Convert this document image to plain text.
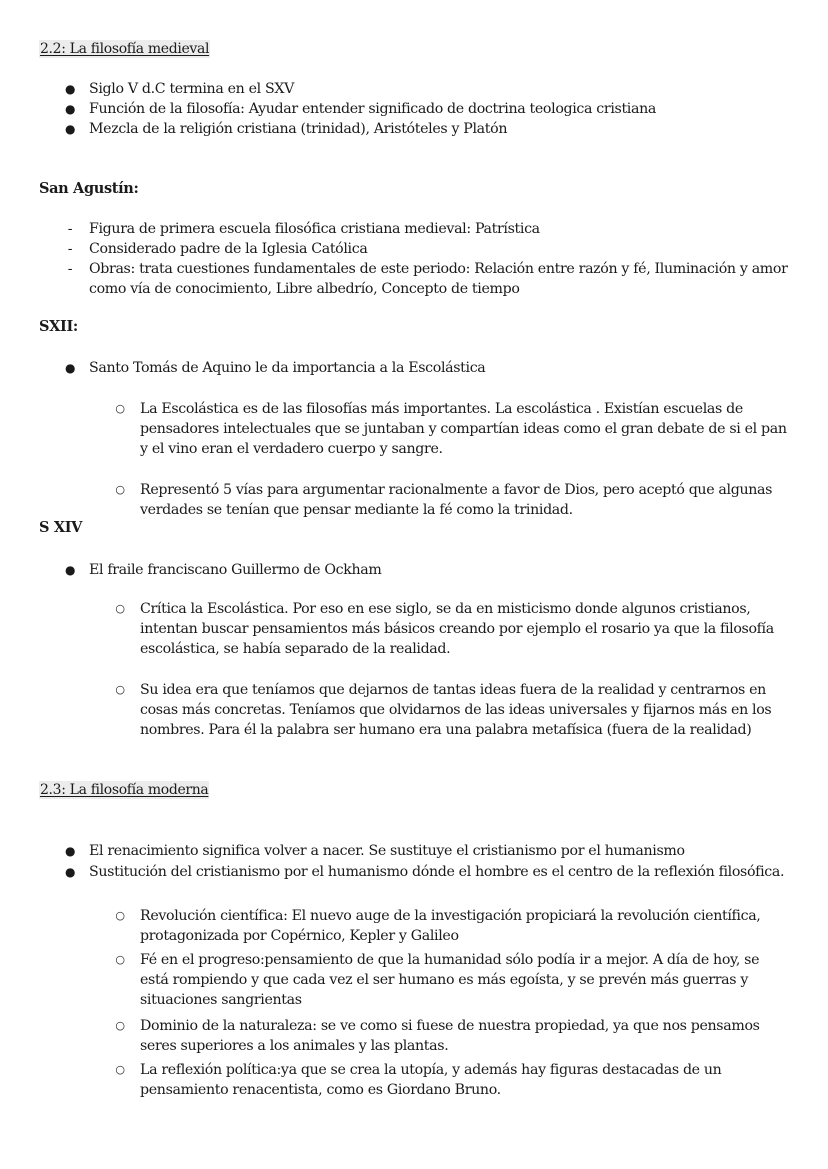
2.2: La filosofía medieval
● Siglo V d.C termina en el SXV
● Función de la filosofía: Ayudar entender significado de doctrina teologica cristiana
● Mezcla de la religión cristiana (trinidad), Aristóteles y Platón
San Agustín:
-	Figura de primera escuela filosófica cristiana medieval: Patrística
-	Considerado padre de la Iglesia Católica
-	Obras: trata cuestiones fundamentales de este periodo: Relación entre razón y fé, Iluminación y amor como vía de conocimiento, Libre albedrío, Concepto de tiempo
SXII:
● Santo Tomás de Aquino le da importancia a la Escolástica
○ La Escolástica es de las filosofías más importantes. La escolástica . Existían escuelas de pensadores intelectuales que se juntaban y compartían ideas como el gran debate de si el pan y el vino eran el verdadero cuerpo y sangre.
○ Representó 5 vías para argumentar racionalmente a favor de Dios, pero aceptó que algunas verdades se tenían que pensar mediante la fé como la trinidad.
S XIV
● El fraile franciscano Guillermo de Ockham
○ Crítica la Escolástica. Por eso en ese siglo, se da en misticismo donde algunos cristianos, intentan buscar pensamientos más básicos creando por ejemplo el rosario ya que la filosofía escolástica, se había separado de la realidad.
○ Su idea era que teníamos que dejarnos de tantas ideas fuera de la realidad y centrarnos en cosas más concretas. Teníamos que olvidarnos de las ideas universales y fijarnos más en los nombres. Para él la palabra ser humano era una palabra metafísica (fuera de la realidad)
2.3: La filosofía moderna
● El renacimiento significa volver a nacer. Se sustituye el cristianismo por el humanismo
● Sustitución del cristianismo por el humanismo dónde el hombre es el centro de la reflexión filosófica.
○ Revolución científica: El nuevo auge de la investigación propiciará la revolución científica, protagonizada por Copérnico, Kepler y Galileo
○ Fé en el progreso:pensamiento de que la humanidad sólo podía ir a mejor. A día de hoy, se está rompiendo y que cada vez el ser humano es más egoísta, y se prevén más guerras y situaciones sangrientas
○ Dominio de la naturaleza: se ve como si fuese de nuestra propiedad, ya que nos pensamos seres superiores a los animales y las plantas.
○ La reflexión política:ya que se crea la utopía, y además hay figuras destacadas de un pensamiento renacentista, como es Giordano Bruno.
